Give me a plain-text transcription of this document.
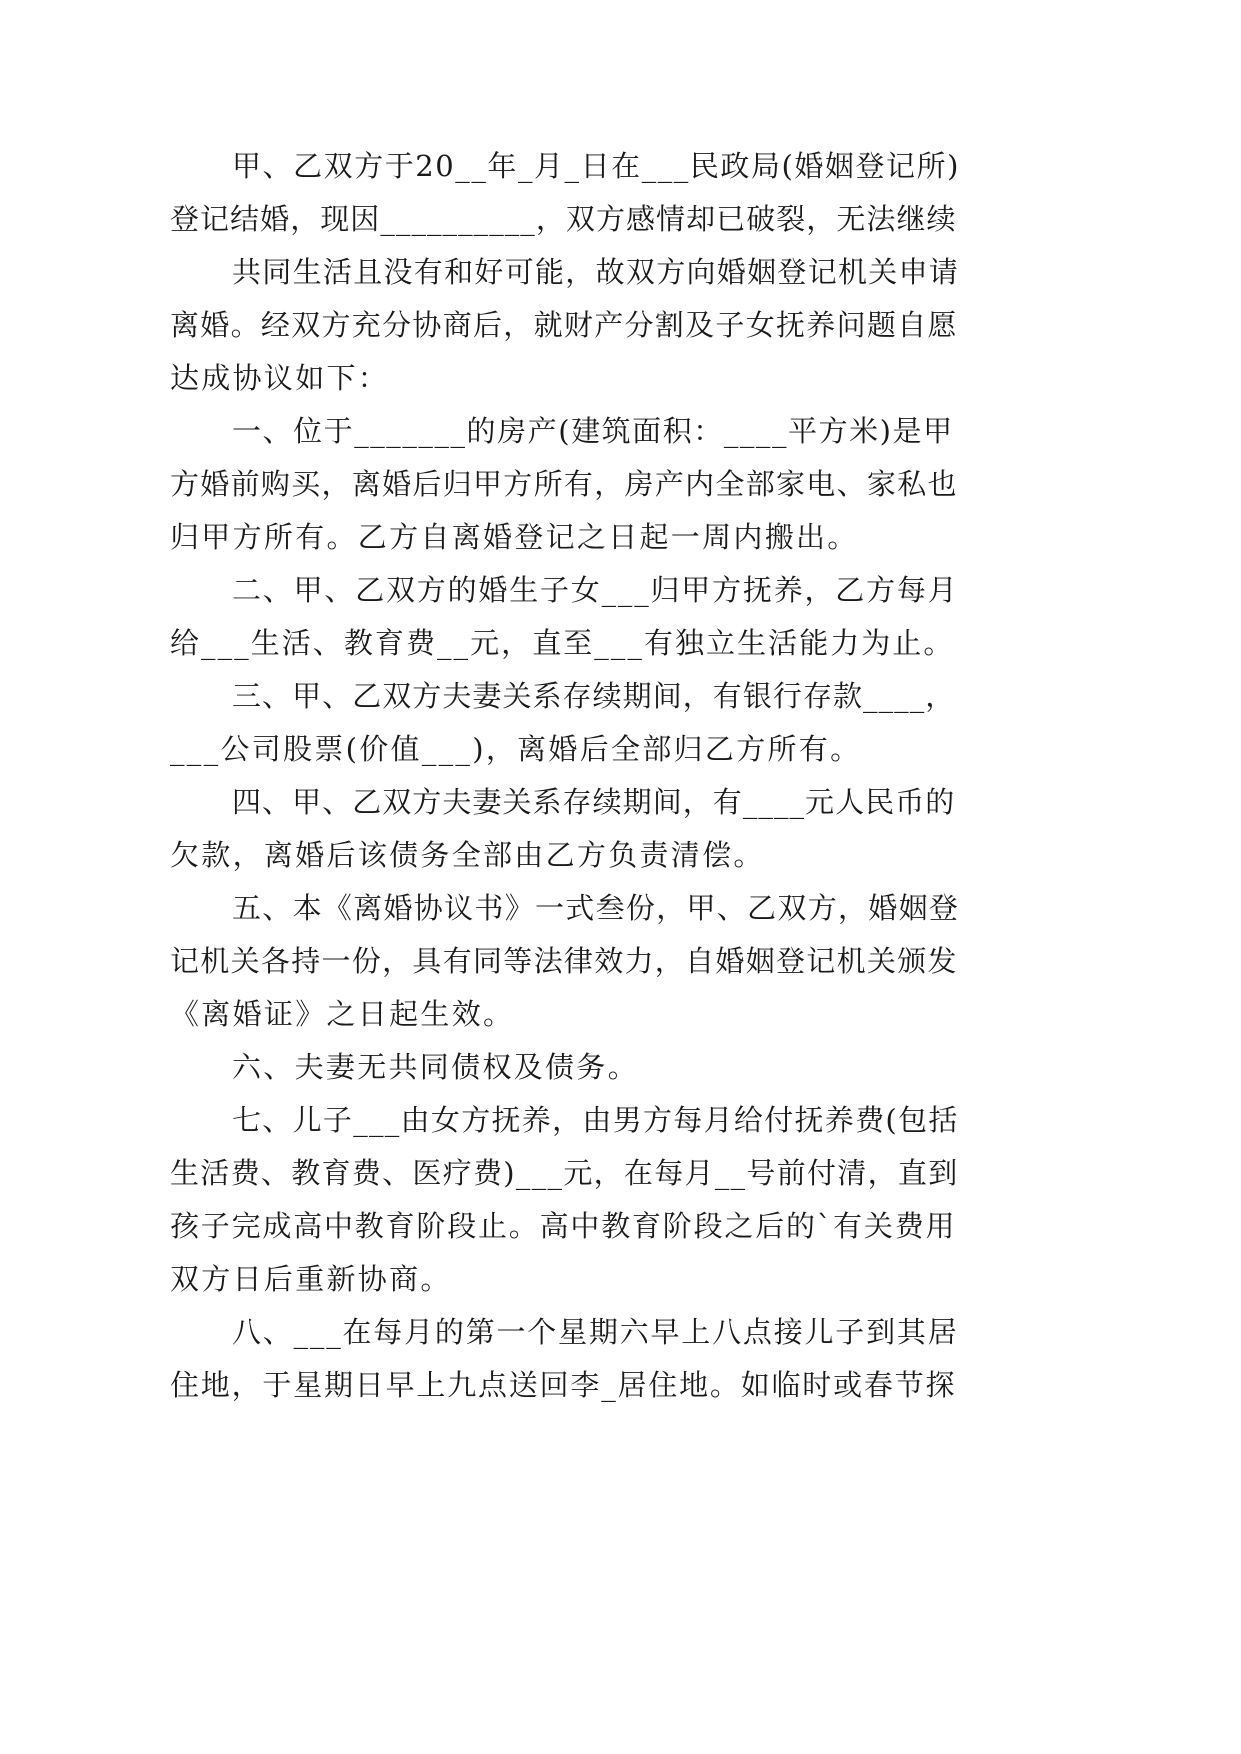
甲、乙双方于20__年_月_日在___民政局(婚姻登记所)
登记结婚，现因__________，双方感情却已破裂，无法继续
共同生活且没有和好可能，故双方向婚姻登记机关申请
离婚。经双方充分协商后，就财产分割及子女抚养问题自愿
达成协议如下：
一、位于_______的房产(建筑面积：____平方米)是甲
方婚前购买，离婚后归甲方所有，房产内全部家电、家私也
归甲方所有。乙方自离婚登记之日起一周内搬出。
二、甲、乙双方的婚生子女___归甲方抚养，乙方每月
给___生活、教育费__元，直至___有独立生活能力为止。
三、甲、乙双方夫妻关系存续期间，有银行存款____，
___公司股票(价值___)，离婚后全部归乙方所有。
四、甲、乙双方夫妻关系存续期间，有____元人民币的
欠款，离婚后该债务全部由乙方负责清偿。
五、本《离婚协议书》一式叁份，甲、乙双方，婚姻登
记机关各持一份，具有同等法律效力，自婚姻登记机关颁发
《离婚证》之日起生效。
六、夫妻无共同债权及债务。
七、儿子___由女方抚养，由男方每月给付抚养费(包括
生活费、教育费、医疗费)___元，在每月__号前付清，直到
孩子完成高中教育阶段止。高中教育阶段之后的`有关费用
双方日后重新协商。
八、___在每月的第一个星期六早上八点接儿子到其居
住地，于星期日早上九点送回李_居住地。如临时或春节探
